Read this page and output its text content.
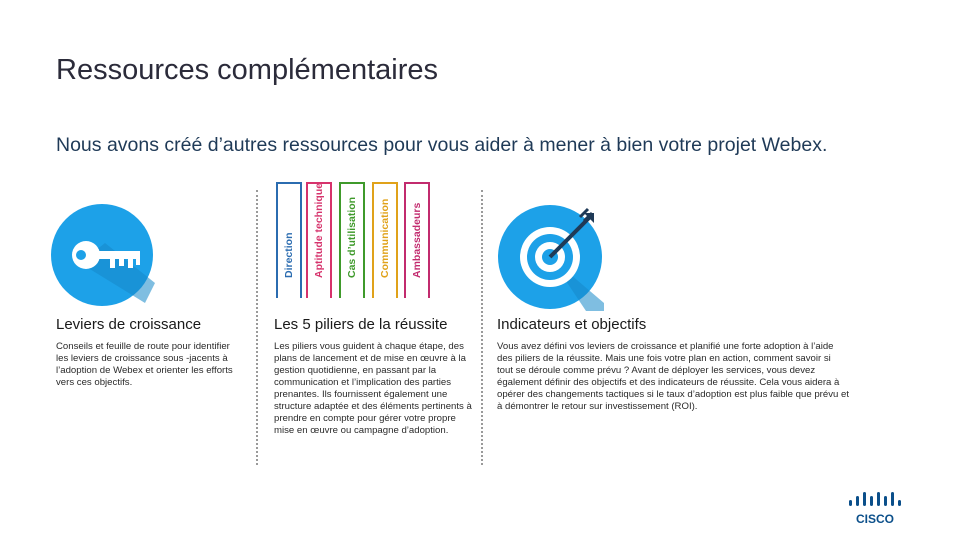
Ressources complémentaires

Nous avons créé d’autres ressources pour vous aider à mener à bien votre projet Webex.

Direction Aptitude technique Cas d’utilisation Communication Ambassadeurs
Leviers de croissance
Conseils et feuille de route pour identifier les leviers de croissance sous -jacents à l’adoption de Webex et orienter les efforts vers ces objectifs.
Les 5 piliers de la réussite
Les piliers vous guident à chaque étape, des plans de lancement et de mise en œuvre à la gestion quotidienne, en passant par la communication et l’implication des parties prenantes. Ils fournissent également une structure adaptée et des éléments pertinents à prendre en compte pour gérer votre propre mise en œuvre ou campagne d’adoption.
Indicateurs et objectifs
Vous avez défini vos leviers de croissance et planifié une forte adoption à l’aide des piliers de la réussite. Mais une fois votre plan en action, comment savoir si tout se déroule comme prévu ? Avant de déployer les services, vous devez également définir des objectifs et des indicateurs de réussite. Cela vous aidera à opérer des changements tactiques si le taux d’adoption est plus faible que prévu et à démontrer le retour sur investissement (ROI).
CISCO
